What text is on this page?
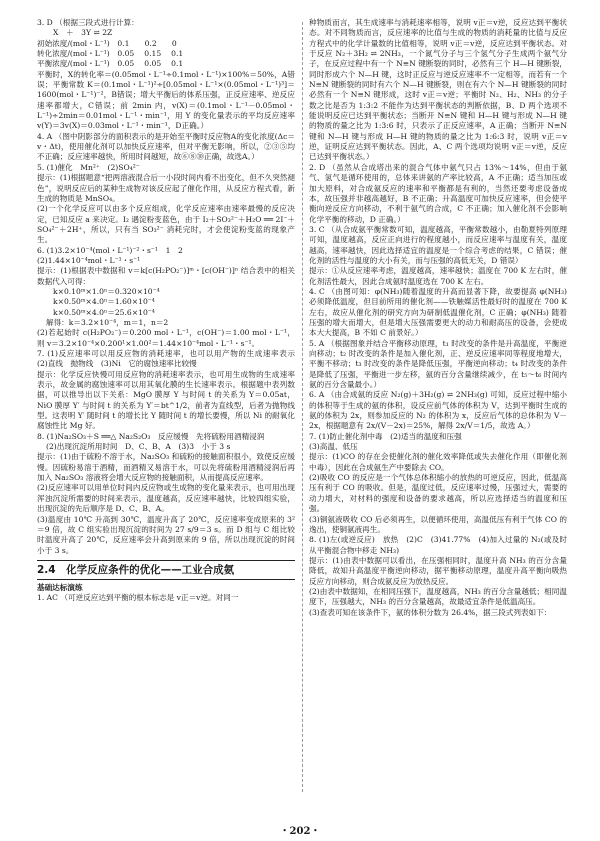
3. D （根据三段式进行计算：

X　＋　3Y ⇌ 2Z

初始浓度/(mol・L⁻¹)　0.1　　0.2　　0

转化浓度/(mol・L⁻¹)　0.05　 0.15　 0.1

平衡浓度/(mol・L⁻¹)　0.05　 0.05　 0.1

平衡时，X的转化率＝(0.05mol・L⁻¹÷0.1mol・L⁻¹)×100%＝50%，A错误；平衡常数 K＝(0.1mol・L⁻¹)²÷[0.05mol・L⁻¹×(0.05mol・L⁻¹)³]＝1600(mol・L⁻¹)⁻²，B错误；增大平衡后的体系压强，正反应速率、逆反应速率都增大，C错误；前 2min 内，v(X)＝(0.1mol・L⁻¹－0.05mol・L⁻¹)÷2min＝0.01mol・L⁻¹・min⁻¹，用 Y 的变化量表示的平均反应速率 v(Y)＝3v(X)＝0.03mol・L⁻¹・min⁻¹，D正确。）

4. A （图中阴影部分的面积表示的是开始至平衡时反应物A的变化浓度(Δc＝v・Δt)，使用催化剂可以加快反应速率，但对平衡无影响，所以，②③⑤均不正确；反应速率越快，所用时间越短，故⑥⑧⑩正确，故选A。）

5. (1)催化　Mn²⁺　(2)SO₄²⁻

提示：(1)根据题意“把两溶液混合后一小段时间内看不出变化，但不久突然褪色”，说明反应后的某种生成物对该反应起了催化作用，从反应方程式看，新生成的物质是 MnSO₄。

(2)一个化学反应可以由多个反应组成，化学反应速率由速率最慢的反应决定，已知反应 a 来决定。I₂ 遇淀粉变蓝色，由于 I₂＋SO₃²⁻＋H₂O ══ 2I⁻＋SO₄²⁻＋2H⁺，所以，只有当 SO₃²⁻ 消耗完时，才会使淀粉变蓝的现象产生。

6. (1)3.2×10⁻⁴(mol・L⁻¹)⁻²・s⁻¹　1　2

(2)1.44×10⁻⁴mol・L⁻¹・s⁻¹

提示：(1)根据表中数据和 v＝k[c(H₂PO₂⁻)]ᵐ・[c(OH⁻)]ⁿ 结合表中的相关数据代入可得：

k×0.10ᵐ×1.0ⁿ＝0.320×10⁻⁴

k×0.50ᵐ×4.0ⁿ＝1.60×10⁻⁴

k×0.50ᵐ×4.0ⁿ＝25.6×10⁻⁴

解得：k＝3.2×10⁻⁴，m＝1，n＝2

(2)若起始时 c(H₂PO₂⁻)＝0.200 mol・L⁻¹，c(OH⁻)＝1.00 mol・L⁻¹，则 v＝3.2×10⁻⁴×0.200¹×1.00²＝1.44×10⁻⁴mol・L⁻¹・s⁻¹。

7. (1)反应速率可以用反应物的消耗速率，也可以用产物的生成速率表示　(2)直线　抛物线　(3)Ni　它的腐蚀速率比较慢

提示：化学反应快慢可用反应物的消耗速率表示，也可用生成物的生成速率表示，故金属的腐蚀速率可以用其氧化膜的生长速率表示。根据题中表列数据，可以推导出以下关系：MgO 膜厚 Y 与时间 t 的关系为 Y＝0.05at，NiO 膜厚 Y′ 与时间 t 的关系为 Y′＝bt^1/2，前者为直线型，后者为抛物线型。这表明 Y′ 随时间 t 的增长比 Y 随时间 t 的增长要慢，所以 Ni 的耐氧化腐蚀性比 Mg 好。

8. (1)Na₂SO₃＋S ══△ Na₂S₂O₃　反应缓慢　先将硫粉用酒精浸润

(2)出现沉淀所用时间　D、C、B、A　(3)3　小于 3 s

提示：(1)由于硫粉不溶于水，Na₂SO₃ 和硫粉的接触面积很小，致使反应缓慢。因硫粉易溶于酒精，而酒精又易溶于水，可以先将硫粉用酒精浸润后再加入 Na₂SO₃ 溶液将会增大反应物的接触面积，从而提高反应速率。

(2)反应速率可以用单位时间内反应物或生成物的变化量来表示，也可用出现浑浊沉淀所需要的时间来表示，温度越高，反应速率越快，比较四组实验，出现沉淀的先后顺序是 D、C、B、A。

(3)温度由 10℃ 升高到 30℃，温度升高了 20℃，反应速率变成原来的 3² ＝9 倍，故 C 组实验出现沉淀的时间为 27 s/9＝3 s。而 D 组与 C 组比较时温度升高了 20℃，反应速率会升高到原来的 9 倍，所以出现沉淀的时间小于 3 s。

2.4　化学反应条件的优化——工业合成氨

基础达标演练

1. AC （可逆反应达到平衡的根本标志是 v正＝v逆。对同一

种物质而言，其生成速率与消耗速率相等，说明 v正＝v逆，反应达到平衡状态。对不同物质而言，反应速率的比值与生成的物质的消耗量的比值与反应方程式中的化学计量数的比值相等，说明 v正＝v逆，反应达到平衡状态。对于反应 N₂＋3H₂ ⇌ 2NH₃，一个氮气分子与三个氢气分子生成两个氨气分子，在反应过程中有一个 N≡N 键断裂的同时，必然有三个 H—H 键断裂，同时形成六个 N—H 键，这时正反应与逆反应速率不一定相等，而若有一个 N≡N 键断裂的同时有六个 N—H 键断裂，则在有六个 N—H 键断裂的同时必然有一个 N≡N 键形成，这时 v正＝v逆；平衡时 N₂、H₂、NH₃ 的分子数之比是否为 1:3:2 不能作为达到平衡状态的判断依据，B、D 两个选项不能说明反应已达到平衡状态；当断开 N≡N 键和 H—H 键与形成 N—H 键的物质的量之比为 1:3:6 时，只表示了正反应速率，A 正确；当断开 N≡N 键和 N—H 键与形成 H—H 键的物质的量之比为 1:6:3 时，说明 v正＝v逆，证明反应达到平衡状态。因此，A、C 两个选项均说明 v正＝v逆，反应已达到平衡状态。）

2. D （虽然从合成塔出来的混合气体中氨气只占 13%～14%，但由于氨气、氢气是循环使用的，总体来讲氨的产率比较高，A 不正确；适当加压或加大原料，对合成氨反应的速率和平衡都是有利的，当然还要考虑设备成本，故压强并非越高越好，B 不正确；升高温度可加快反应速率，但会使平衡向逆反应方向移动，不利于氨气的合成，C 不正确；加入催化剂不会影响化学平衡的移动，D 正确。）

3. C （从合成氨平衡常数可知，温度越高，平衡常数越小，由勒夏特列原理可知，温度越高，反应正向进行的程度越小，而反应速率与温度有关，温度越高，速率越快，因此选择适宜的温度是一个综合考虑的结果，C 错误；催化剂的活性与温度的大小有关，而与压强的高低无关，D 错误）

提示：①从反应速率考虑，温度越高，速率越快；温度在 700 K 左右时，催化剂活性最大，因此合成氨时温度选在 700 K 左右。

4. C （由图可知：φ(NH₃)随着温度的升高而显著下降，故要提高 φ(NH₃) 必须降低温度，但目前所用的催化剂——铁触媒活性最好时的温度在 700 K 左右，故应从催化剂的研究方向为研制低温催化剂，C 正确；φ(NH₃) 随着压强的增大而增大，但是增大压强需要更大的动力和耐高压的设备，会使成本大大提高，B 不如 C 前景好。）

5. A （根据图象并结合平衡移动原理，t₁ 时改变的条件是升高温度，平衡逆向移动；t₂ 时改变的条件是加入催化剂，正、逆反应速率同等程度地增大，平衡不移动；t₃ 时改变的条件是降低压强，平衡逆向移动；t₄ 时改变的条件是降低了压强，平衡进一步左移，氨的百分含量继续减少，在 t₅～t₆ 时间内氨的百分含量最小。）

6. A （由合成氨的反应 N₂(g)＋3H₂(g) ⇌ 2NH₃(g) 可知，反应过程中缩小的体积等于生成的氨的体积，设反应前气体的体积为 V，达到平衡时生成的氨的体积为 2x，则参加反应的 N₂ 的体积为 x，反应后气体的总体积为 V－2x，根据题意有 2x/(V－2x)＝25%，解得 2x/V＝1/5，故选 A。）

7. (1)防止催化剂中毒　(2)适当的温度和压强

(3)高温、低压

提示：(1)CO 的存在会使催化剂的催化效率降低或失去催化作用（即催化剂中毒），因此在合成氨生产中要除去 CO。

(2)吸收 CO 的反应是一个气体总体积缩小的放热的可逆反应，因此，低温高压有利于 CO 的吸收。但是，温度过低，反应速率过慢，压强过大，需要的动力增大，对材料的强度和设备的要求越高，所以应选择适当的温度和压强。

(3)铜氨液吸收 CO 后必须再生，以便循环使用，高温低压有利于气体 CO 的逸出，使铜氨液再生。

8. (1)左(或逆反应)　放热　(2)C　(3)41.77%　(4)加入过量的 N₂(或及时从平衡混合物中移走 NH₃)

提示：(1)由表中数据可以看出，在压强相同时，温度升高 NH₃ 的百分含量降低，故知升高温度平衡逆向移动，据平衡移动原理，温度升高平衡向吸热反应方向移动，则合成氨反应为放热反应。

(2)由表中数据知，在相同压强下，温度越高，NH₃ 的百分含量越低；相同温度下，压强越大，NH₃ 的百分含量越高，故最适宜条件是低温高压。

(3)查表可知在该条件下，氨的体积分数为 26.4%，据三段式列表如下：

・202・
